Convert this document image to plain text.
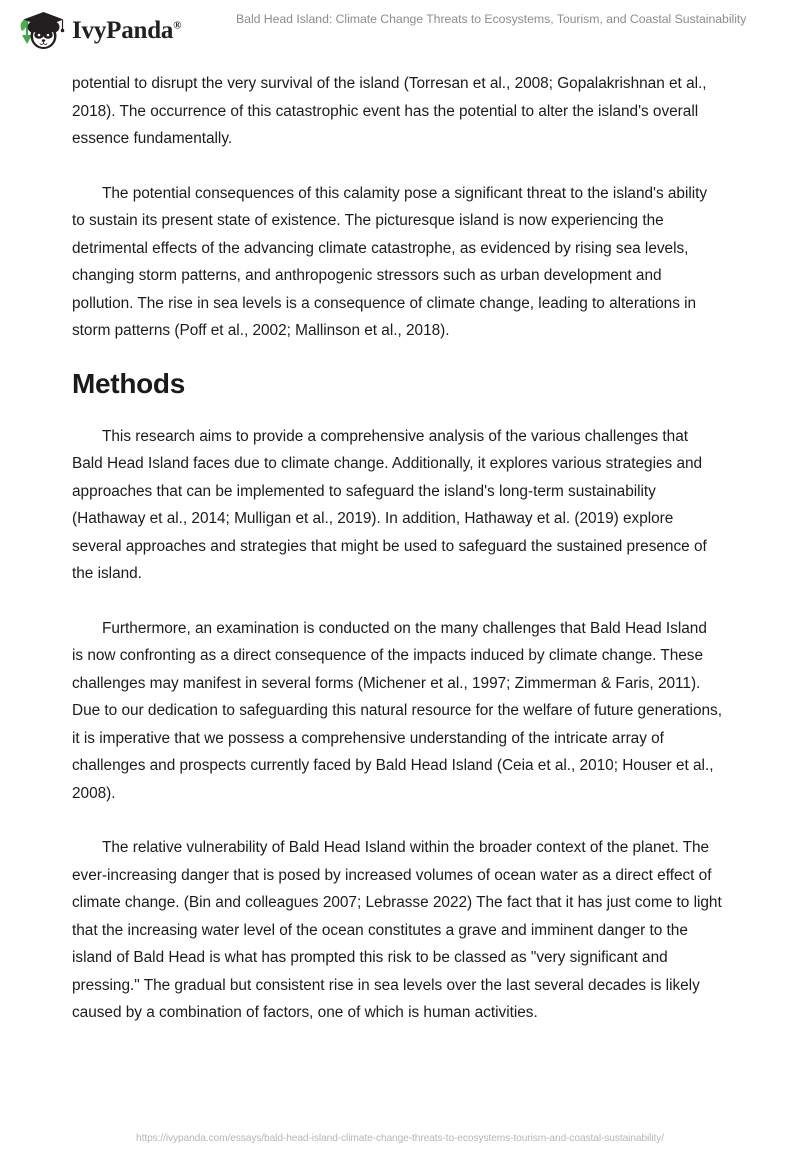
IvyPanda®	Bald Head Island: Climate Change Threats to Ecosystems, Tourism, and Coastal Sustainability

potential to disrupt the very survival of the island (Torresan et al., 2008; Gopalakrishnan et al., 2018). The occurrence of this catastrophic event has the potential to alter the island's overall essence fundamentally.

The potential consequences of this calamity pose a significant threat to the island's ability to sustain its present state of existence. The picturesque island is now experiencing the detrimental effects of the advancing climate catastrophe, as evidenced by rising sea levels, changing storm patterns, and anthropogenic stressors such as urban development and pollution. The rise in sea levels is a consequence of climate change, leading to alterations in storm patterns (Poff et al., 2002; Mallinson et al., 2018).

Methods

This research aims to provide a comprehensive analysis of the various challenges that Bald Head Island faces due to climate change. Additionally, it explores various strategies and approaches that can be implemented to safeguard the island's long-term sustainability (Hathaway et al., 2014; Mulligan et al., 2019). In addition, Hathaway et al. (2019) explore several approaches and strategies that might be used to safeguard the sustained presence of the island.

Furthermore, an examination is conducted on the many challenges that Bald Head Island is now confronting as a direct consequence of the impacts induced by climate change. These challenges may manifest in several forms (Michener et al., 1997; Zimmerman & Faris, 2011). Due to our dedication to safeguarding this natural resource for the welfare of future generations, it is imperative that we possess a comprehensive understanding of the intricate array of challenges and prospects currently faced by Bald Head Island (Ceia et al., 2010; Houser et al., 2008).

The relative vulnerability of Bald Head Island within the broader context of the planet. The ever-increasing danger that is posed by increased volumes of ocean water as a direct effect of climate change. (Bin and colleagues 2007; Lebrasse 2022) The fact that it has just come to light that the increasing water level of the ocean constitutes a grave and imminent danger to the island of Bald Head is what has prompted this risk to be classed as "very significant and pressing." The gradual but consistent rise in sea levels over the last several decades is likely caused by a combination of factors, one of which is human activities.

https://ivypanda.com/essays/bald-head-island-climate-change-threats-to-ecosystems-tourism-and-coastal-sustainability/
